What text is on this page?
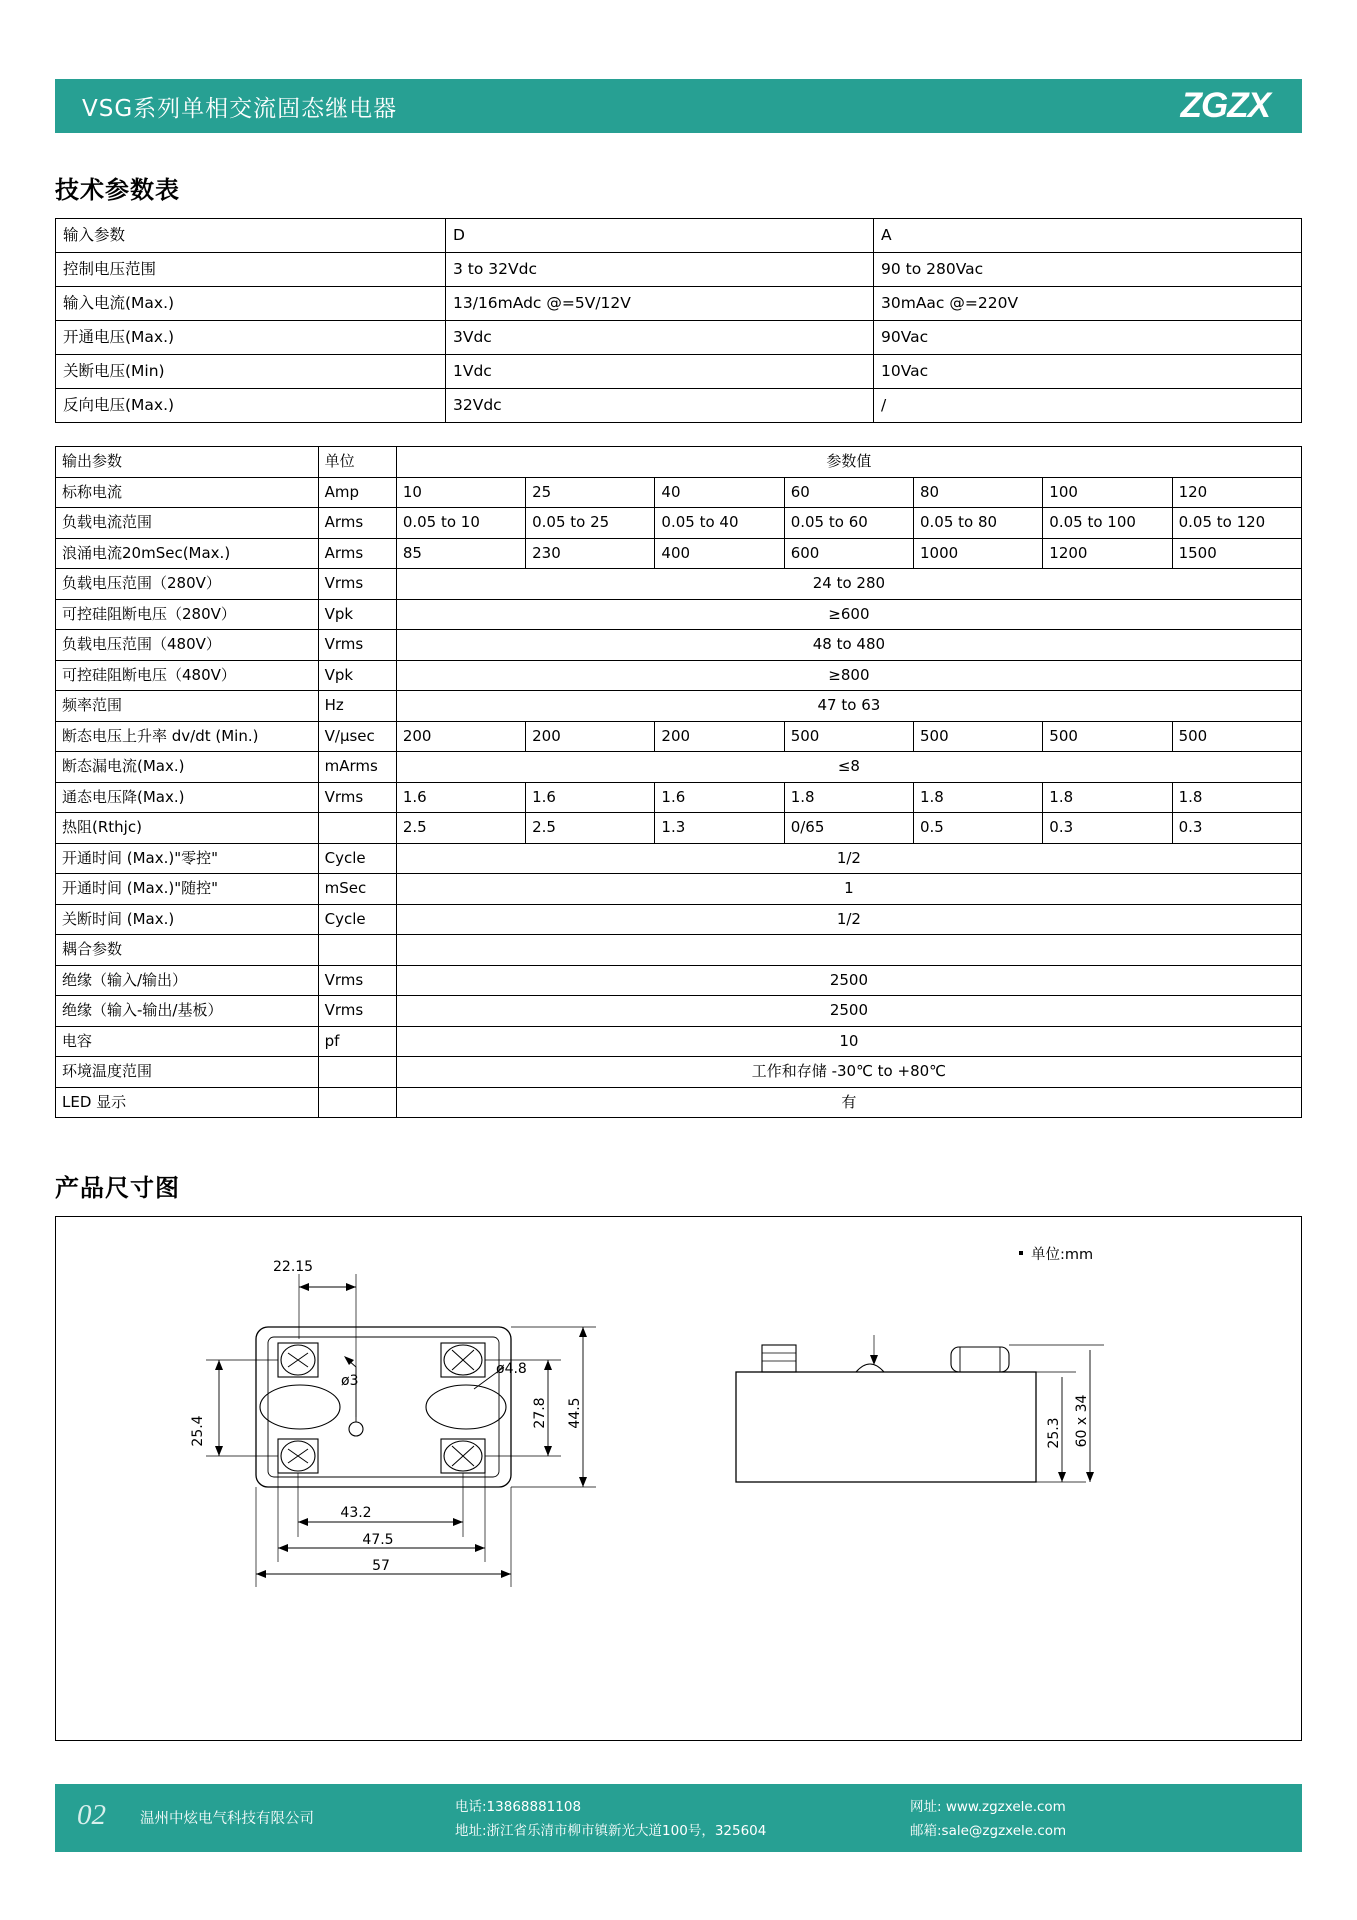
VSG系列单相交流固态继电器	ZGZX
技术参数表
输入参数	D	A
控制电压范围	3 to 32Vdc	90 to 280Vac
输入电流(Max.)	13/16mAdc @=5V/12V	30mAac @=220V
开通电压(Max.)	3Vdc	90Vac
关断电压(Min)	1Vdc	10Vac
反向电压(Max.)	32Vdc	/
输出参数	单位	参数值						
标称电流	Amp	10	25	40	60	80	100	120
负载电流范围	Arms	0.05 to 10	0.05 to 25	0.05 to 40	0.05 to 60	0.05 to 80	0.05 to 100	0.05 to 120
浪涌电流20mSec(Max.)	Arms	85	230	400	600	1000	1200	1500
负载电压范围（280V）	Vrms	24 to 280						
可控硅阻断电压（280V）	Vpk	≥600						
负载电压范围（480V）	Vrms	48 to 480						
可控硅阻断电压（480V）	Vpk	≥800						
频率范围	Hz	47 to 63						
断态电压上升率 dv/dt (Min.)	V/μsec	200	200	200	500	500	500	500
断态漏电流(Max.)	mArms	≤8						
通态电压降(Max.)	Vrms	1.6	1.6	1.6	1.8	1.8	1.8	1.8
热阻(Rthjc)		2.5	2.5	1.3	0/65	0.5	0.3	0.3
开通时间 (Max.)"零控"	Cycle	1/2						
开通时间 (Max.)"随控"	mSec	1						
关断时间 (Max.)	Cycle	1/2						
耦合参数								
绝缘（输入/输出）	Vrms	2500						
绝缘（输入-输出/基板）	Vrms	2500						
电容	pf	10						
环境温度范围		工作和存储 -30℃ to +80℃						
LED 显示		有						
产品尺寸图
单位:mm
22.15
ø3
ø4.8
43.2
47.5
57
25.4
27.8 44.5
25.3 60 x 34
02 温州中炫电气科技有限公司
电话:13868881108
地址:浙江省乐清市柳市镇新光大道100号，325604
网址: www.zgzxele.com
邮箱:sale@zgzxele.com
